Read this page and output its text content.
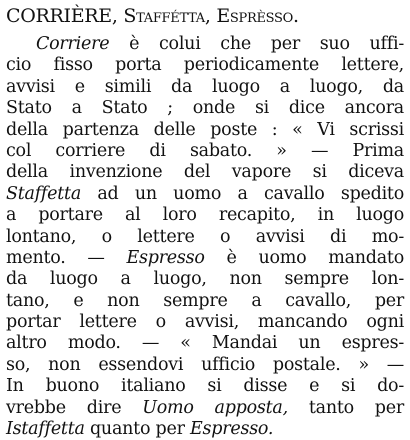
CORRIÈRE, Staffétta, Esprèsso.
Corriere è colui che per suo uffi-
cio fisso porta periodicamente lettere,
avvisi e simili da luogo a luogo, da
Stato a Stato ; onde si dice ancora
della partenza delle poste : « Vi scrissi
col corriere di sabato. » — Prima
della invenzione del vapore si diceva
Staffetta ad un uomo a cavallo spedito
a portare al loro recapito, in luogo
lontano, o lettere o avvisi di mo-
mento. — Espresso è uomo mandato
da luogo a luogo, non sempre lon-
tano, e non sempre a cavallo, per
portar lettere o avvisi, mancando ogni
altro modo. — « Mandai un espres-
so, non essendovi ufficio postale. » —
In buono italiano si disse e si do-
vrebbe dire Uomo apposta, tanto per
Istaffetta quanto per Espresso.
